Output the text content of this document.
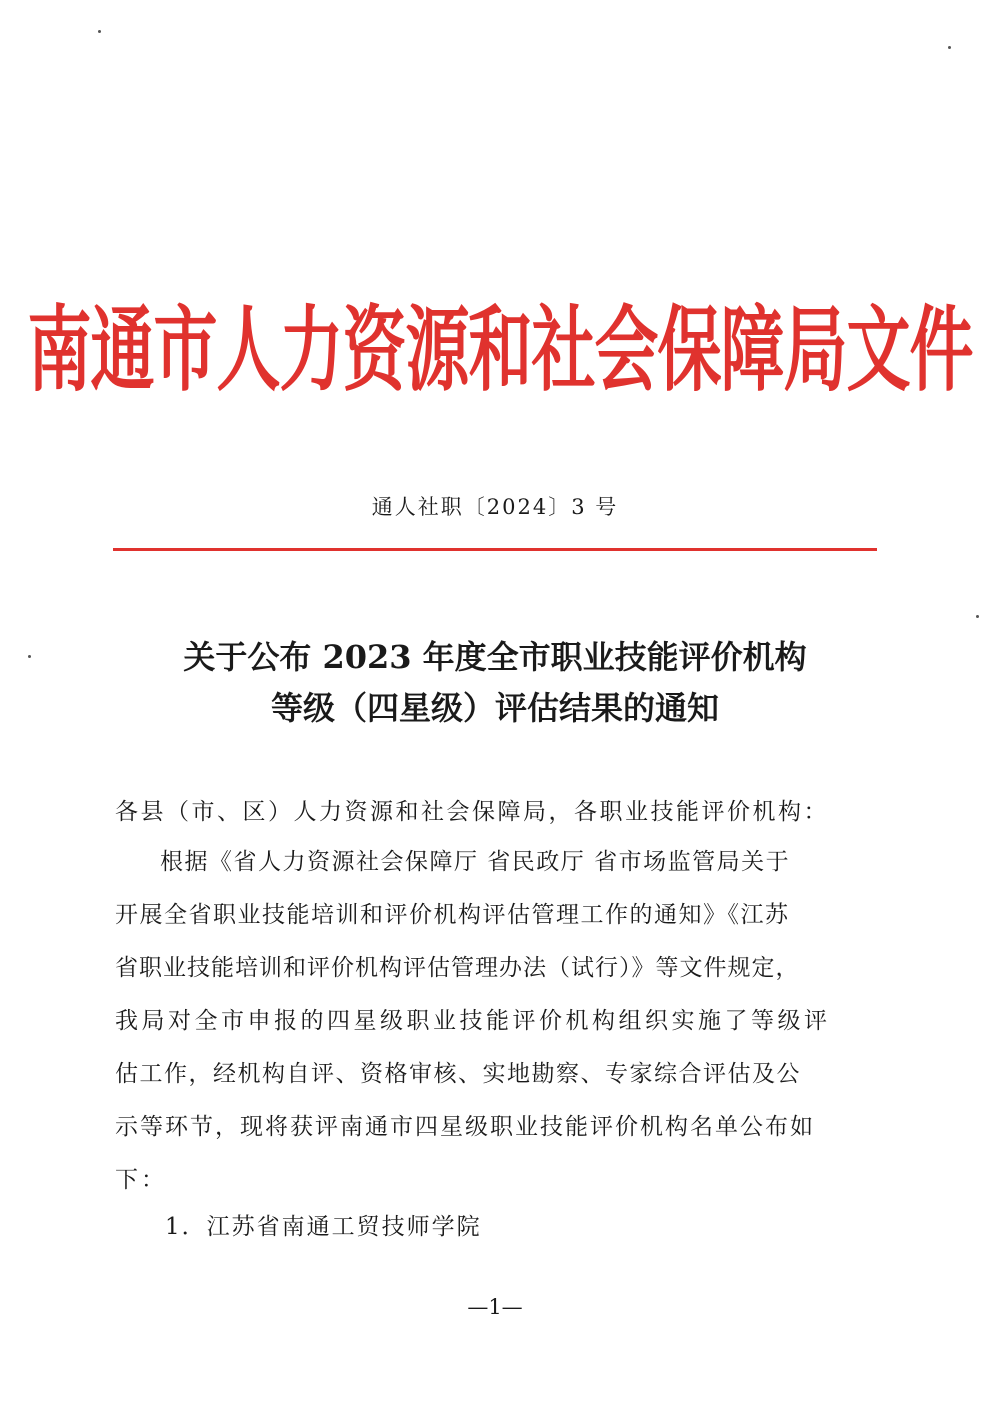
南通市人力资源和社会保障局文件
通人社职〔2024〕3 号
关于公布 2023 年度全市职业技能评价机构
等级（四星级）评估结果的通知
各县（市、区）人力资源和社会保障局，各职业技能评价机构：
根据《省人力资源社会保障厅 省民政厅 省市场监管局关于
开展全省职业技能培训和评价机构评估管理工作的通知》《江苏
省职业技能培训和评价机构评估管理办法（试行）》等文件规定，
我局对全市申报的四星级职业技能评价机构组织实施了等级评
估工作，经机构自评、资格审核、实地勘察、专家综合评估及公
示等环节，现将获评南通市四星级职业技能评价机构名单公布如
下：
1．江苏省南通工贸技师学院
—1—
